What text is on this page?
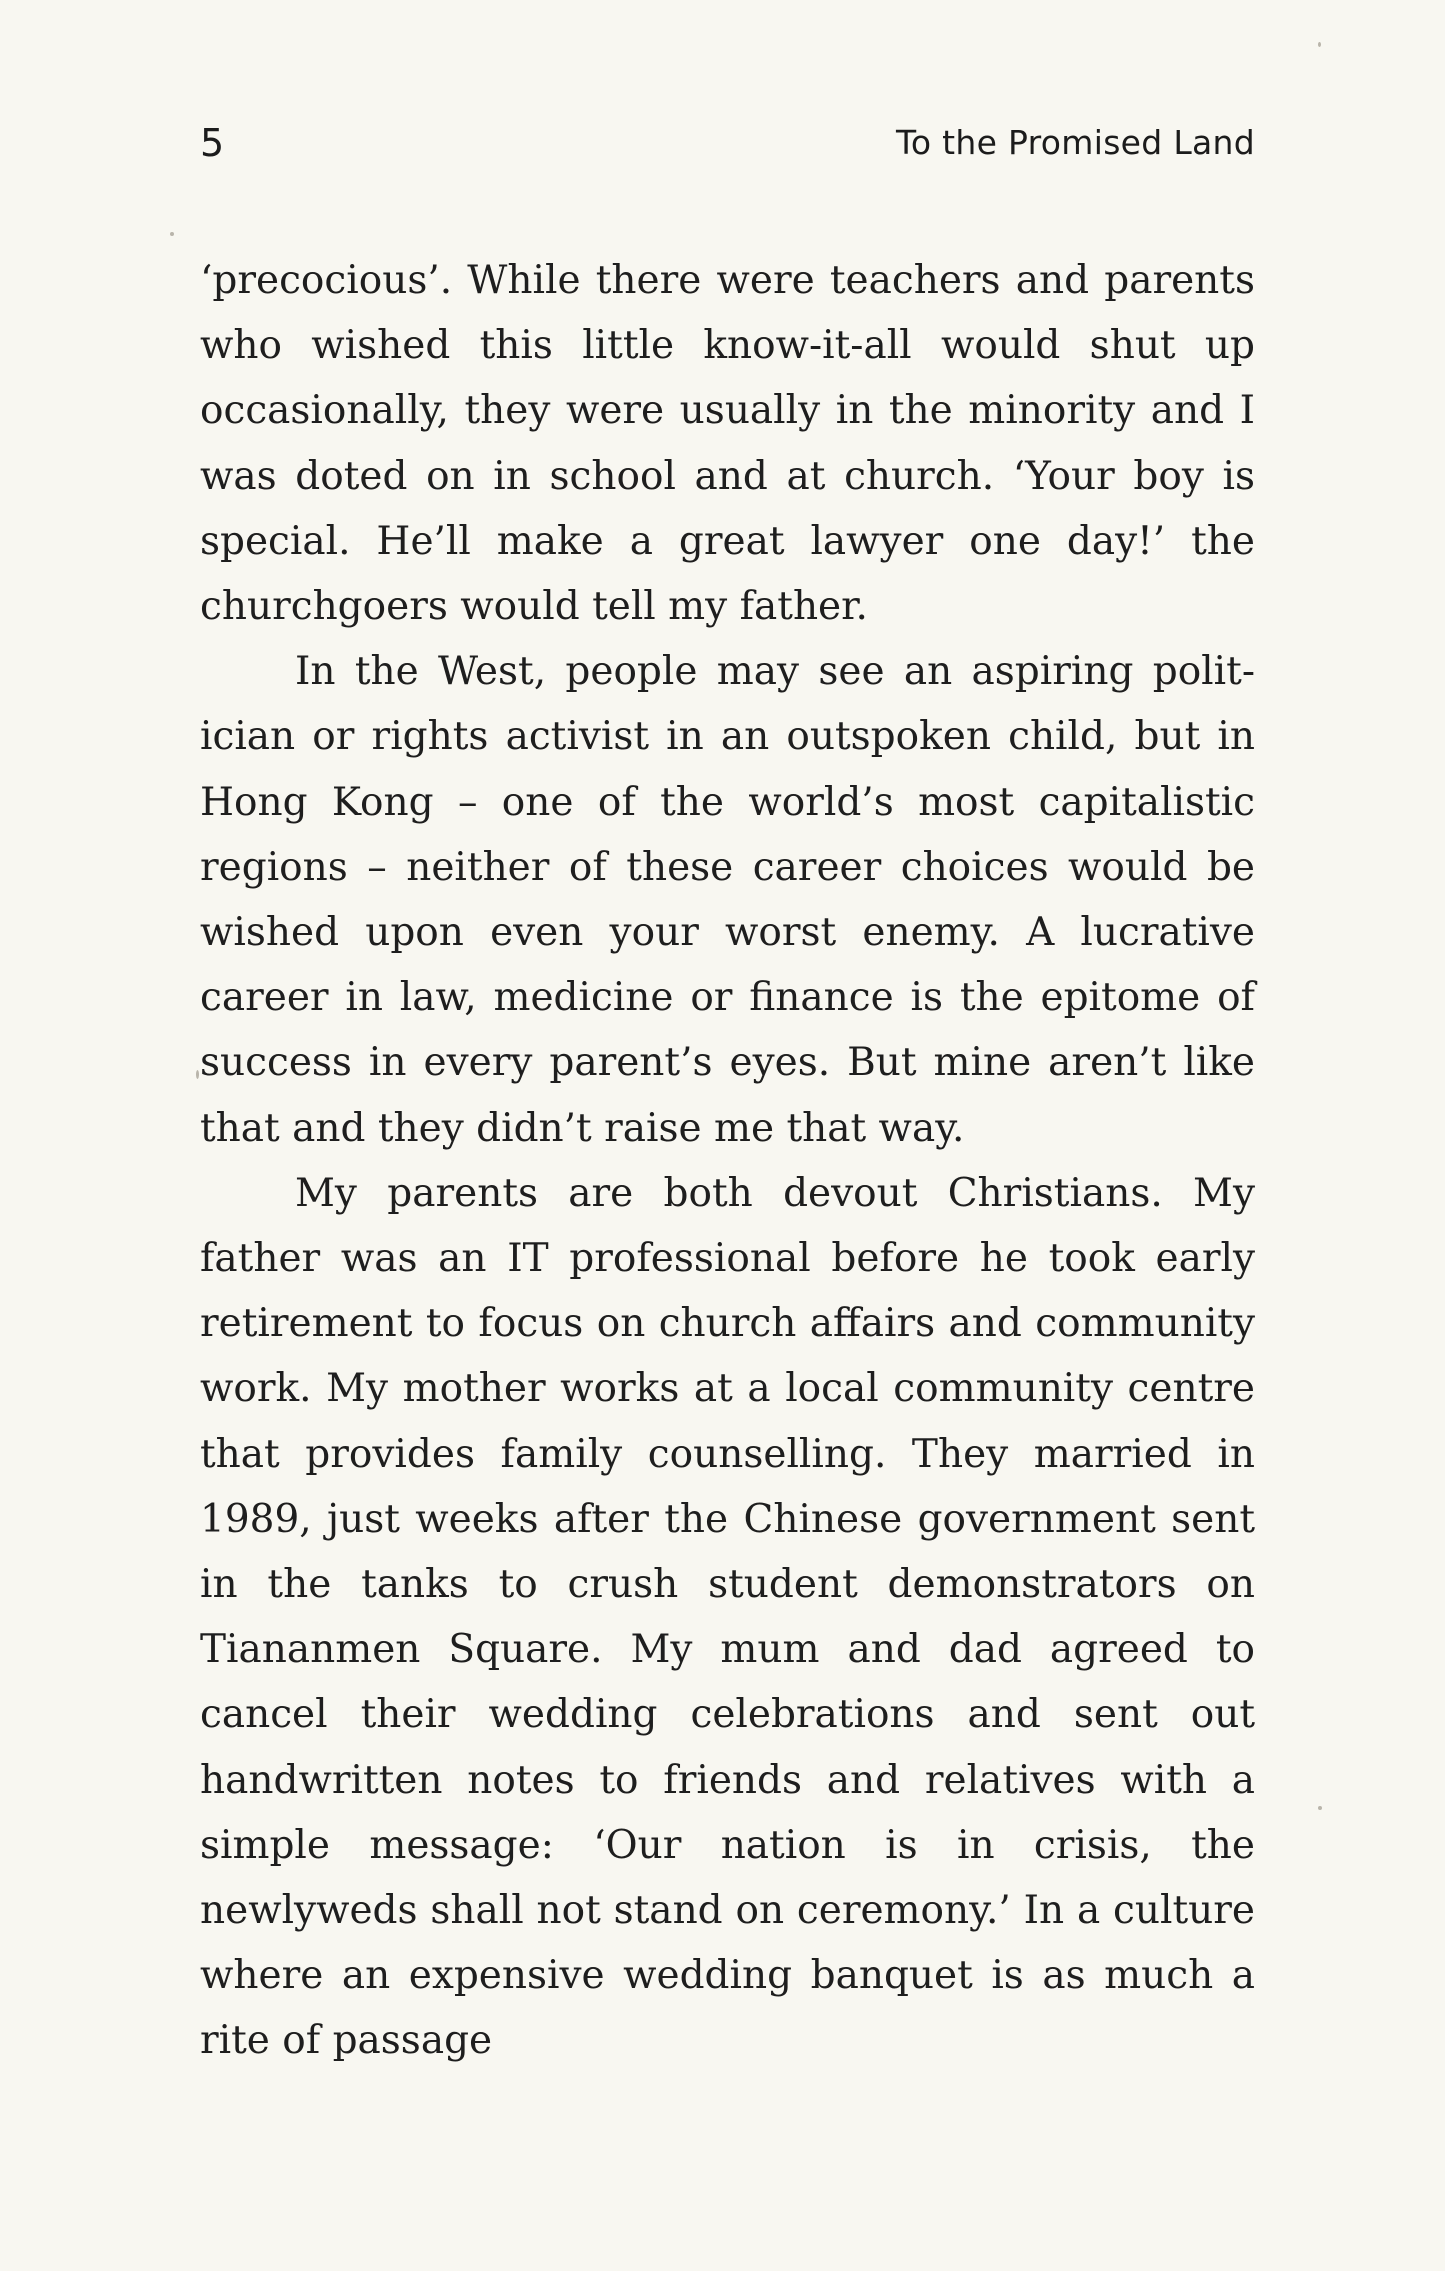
5	To the Promised Land

‘precocious’. While there were teachers and parents who wished this little know-it-all would shut up occasionally, they were usually in the minority and I was doted on in school and at church. ‘Your boy is special. He’ll make a great lawyer one day!’ the churchgoers would tell my father.

In the West, people may see an aspiring politician or rights activist in an outspoken child, but in Hong Kong – one of the world’s most capitalistic regions – neither of these career choices would be wished upon even your worst enemy. A lucrative career in law, medicine or finance is the epitome of success in every parent’s eyes. But mine aren’t like that and they didn’t raise me that way.

My parents are both devout Christians. My father was an IT professional before he took early retirement to focus on church affairs and community work. My mother works at a local community centre that provides family counselling. They married in 1989, just weeks after the Chinese government sent in the tanks to crush student demonstrators on Tiananmen Square. My mum and dad agreed to cancel their wedding celebrations and sent out handwritten notes to friends and relatives with a simple message: ‘Our nation is in crisis, the newlyweds shall not stand on ceremony.’ In a culture where an expensive wedding banquet is as much a rite of passage
